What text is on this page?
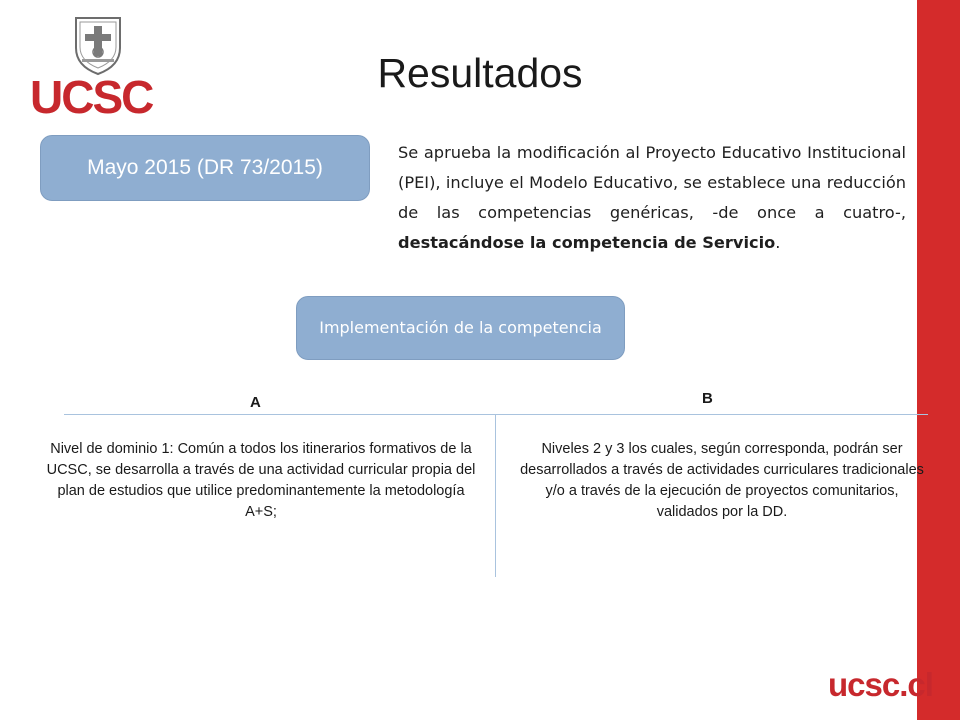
UCSC	Resultados
Mayo 2015 (DR 73/2015)
Se aprueba la modificación al Proyecto Educativo Institucional (PEI), incluye el Modelo Educativo, se establece una reducción de las competencias genéricas, -de once a cuatro-, destacándose la competencia de Servicio.
Implementación de la competencia
A	B
Nivel de dominio 1: Común a todos los itinerarios formativos de la UCSC, se desarrolla a través de una actividad curricular propia del plan de estudios que utilice predominantemente la metodología A+S;
Niveles 2 y 3 los cuales, según corresponda, podrán ser desarrollados a través de actividades curriculares tradicionales y/o a través de la ejecución de proyectos comunitarios, validados por la DD.
ucsc.cl
